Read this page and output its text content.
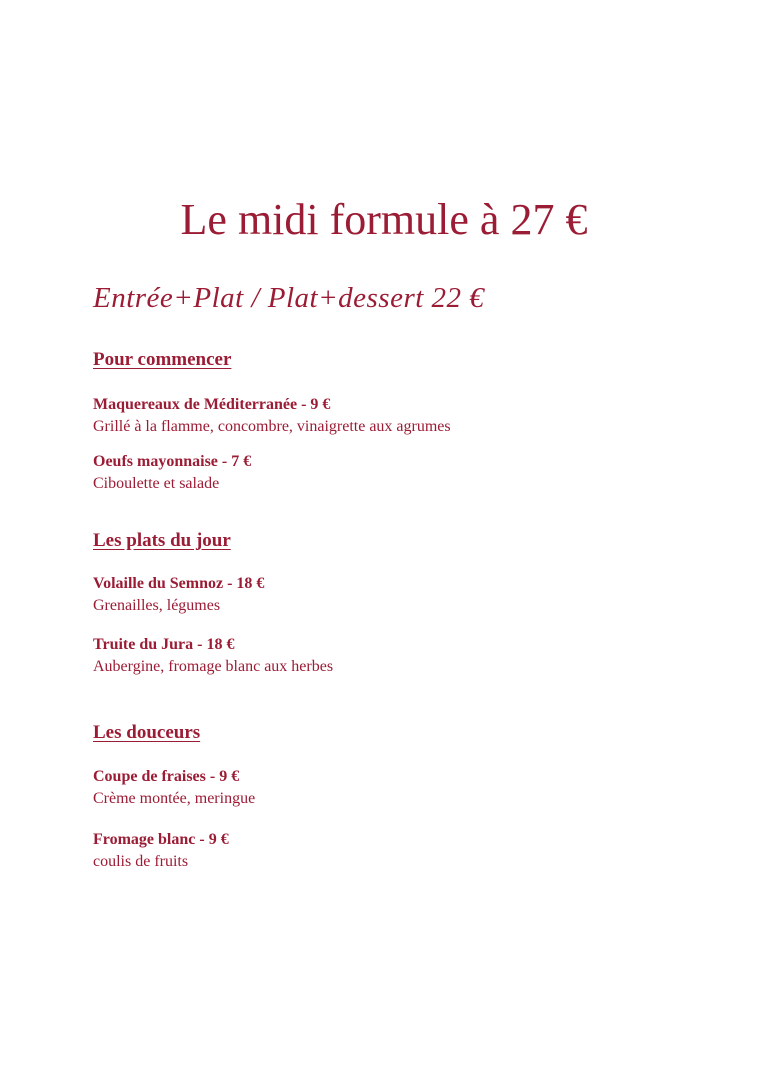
Le midi formule à 27 €
Entrée+Plat / Plat+dessert 22 €
Pour commencer
Maquereaux de Méditerranée - 9 €
Grillé à la flamme, concombre, vinaigrette aux agrumes
Oeufs mayonnaise - 7 €
Ciboulette et salade
Les plats du jour
Volaille du Semnoz - 18 €
Grenailles, légumes
Truite du Jura - 18 €
Aubergine, fromage blanc aux herbes
Les douceurs
Coupe de fraises - 9 €
Crème montée, meringue
Fromage blanc - 9 €
coulis de fruits
